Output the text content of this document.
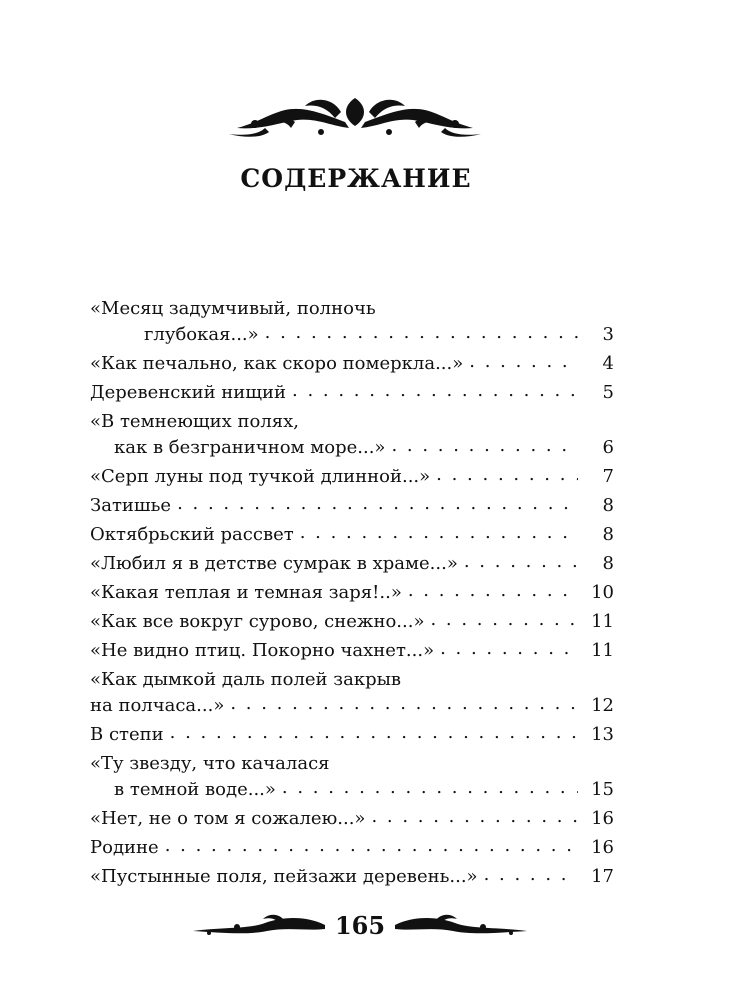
СОДЕРЖАНИЕ
«Месяц задумчивый, полночь
глубокая...» . . .	3
«Как печально, как скоро померкла...» . . .	4
Деревенский нищий . . .	5
«В темнеющих полях,
как в безграничном море...» . . .	6
«Серп луны под тучкой длинной...» . . .	7
Затишье . . .	8
Октябрьский рассвет . . .	8
«Любил я в детстве сумрак в храме...» . . .	8
«Какая теплая и темная заря!..» . . .	10
«Как все вокруг сурово, снежно...» . . .	11
«Не видно птиц. Покорно чахнет...» . . .	11
«Как дымкой даль полей закрыв
на полчаса...» . . .	12
В степи . . .	13
«Ту звезду, что качалася
в темной воде...» . . .	15
«Нет, не о том я сожалею...» . . .	16
Родине . . .	16
«Пустынные поля, пейзажи деревень...» . . .	17
165
